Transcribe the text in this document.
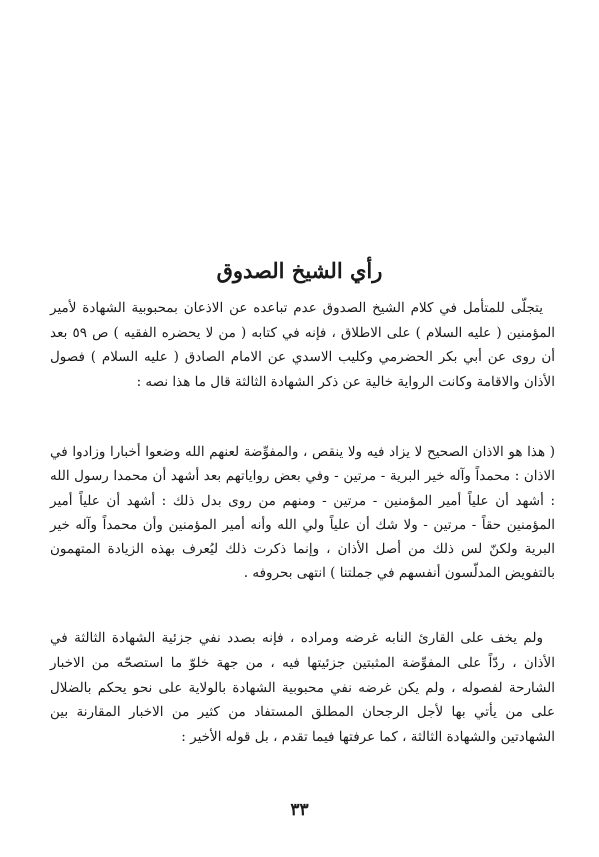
رأي الشيخ الصدوق

يتجلّى للمتأمل في كلام الشيخ الصدوق عدم تباعده عن الاذعان بمحبوبية الشهادة لأمير المؤمنين ( عليه السلام ) على الاطلاق ، فإنه في كتابه ( من لا يحضره الفقيه ) ص ٥٩ بعد أن روى عن أبي بكر الحضرمي وكليب الاسدي عن الامام الصادق ( عليه السلام ) فصول الأذان والاقامة وكانت الرواية خالية عن ذكر الشهادة الثالثة قال ما هذا نصه :

( هذا هو الاذان الصحيح لا يزاد فيه ولا ينقص ، والمفوِّضة لعنهم الله وضعوا أخبارا وزادوا في الاذان : محمداً وآله خير البرية - مرتين - وفي بعض رواياتهم بعد أشهد أن محمدا رسول الله : أشهد أن علياً أمير المؤمنين - مرتين - ومنهم من روى بدل ذلك : أشهد أن علياً أمير المؤمنين حقاً - مرتين - ولا شك أن علياً ولي الله وأنه أمير المؤمنين وأن محمداً وآله خير البرية ولكنّ لس ذلك من أصل الأذان ، وإنما ذكرت ذلك ليُعرف بهذه الزيادة المتهمون بالتفويض المدلّسون أنفسهم في جملتنا ) انتهى بحروفه .

ولم يخف على القارئ النابه غرضه ومراده ، فإنه بصدد نفي جزئية الشهادة الثالثة في الأذان ، ردّاً على المفوِّضة المثبتين جزئيتها فيه ، من جهة خلوّ ما استصحّه من الاخبار الشارحة لفصوله ، ولم يكن غرضه نفي محبوبية الشهادة بالولاية على نحو يحكم بالضلال على من يأتي بها لأجل الرجحان المطلق المستفاد من كثير من الاخبار المقارنة بين الشهادتين والشهادة الثالثة ، كما عرفتها فيما تقدم ، بل قوله الأخير :

٣٣
